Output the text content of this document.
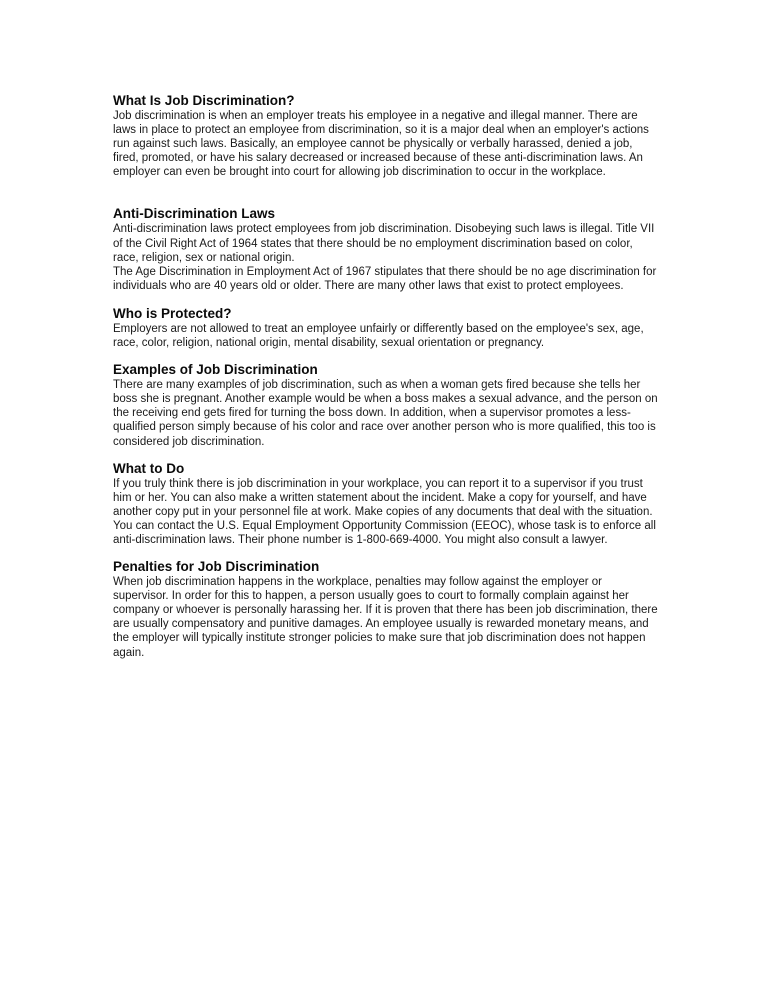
What Is Job Discrimination?

Job discrimination is when an employer treats his employee in a negative and illegal manner. There are laws in place to protect an employee from discrimination, so it is a major deal when an employer's actions run against such laws. Basically, an employee cannot be physically or verbally harassed, denied a job, fired, promoted, or have his salary decreased or increased because of these anti-discrimination laws. An employer can even be brought into court for allowing job discrimination to occur in the workplace.

Anti-Discrimination Laws

Anti-discrimination laws protect employees from job discrimination. Disobeying such laws is illegal. Title VII of the Civil Right Act of 1964 states that there should be no employment discrimination based on color, race, religion, sex or national origin.

The Age Discrimination in Employment Act of 1967 stipulates that there should be no age discrimination for individuals who are 40 years old or older. There are many other laws that exist to protect employees.

Who is Protected?

Employers are not allowed to treat an employee unfairly or differently based on the employee's sex, age, race, color, religion, national origin, mental disability, sexual orientation or pregnancy.

Examples of Job Discrimination

There are many examples of job discrimination, such as when a woman gets fired because she tells her boss she is pregnant. Another example would be when a boss makes a sexual advance, and the person on the receiving end gets fired for turning the boss down. In addition, when a supervisor promotes a less-qualified person simply because of his color and race over another person who is more qualified, this too is considered job discrimination.

What to Do

If you truly think there is job discrimination in your workplace, you can report it to a supervisor if you trust him or her. You can also make a written statement about the incident. Make a copy for yourself, and have another copy put in your personnel file at work. Make copies of any documents that deal with the situation. You can contact the U.S. Equal Employment Opportunity Commission (EEOC), whose task is to enforce all anti-discrimination laws. Their phone number is 1-800-669-4000. You might also consult a lawyer.

Penalties for Job Discrimination

When job discrimination happens in the workplace, penalties may follow against the employer or supervisor. In order for this to happen, a person usually goes to court to formally complain against her company or whoever is personally harassing her. If it is proven that there has been job discrimination, there are usually compensatory and punitive damages. An employee usually is rewarded monetary means, and the employer will typically institute stronger policies to make sure that job discrimination does not happen again.
